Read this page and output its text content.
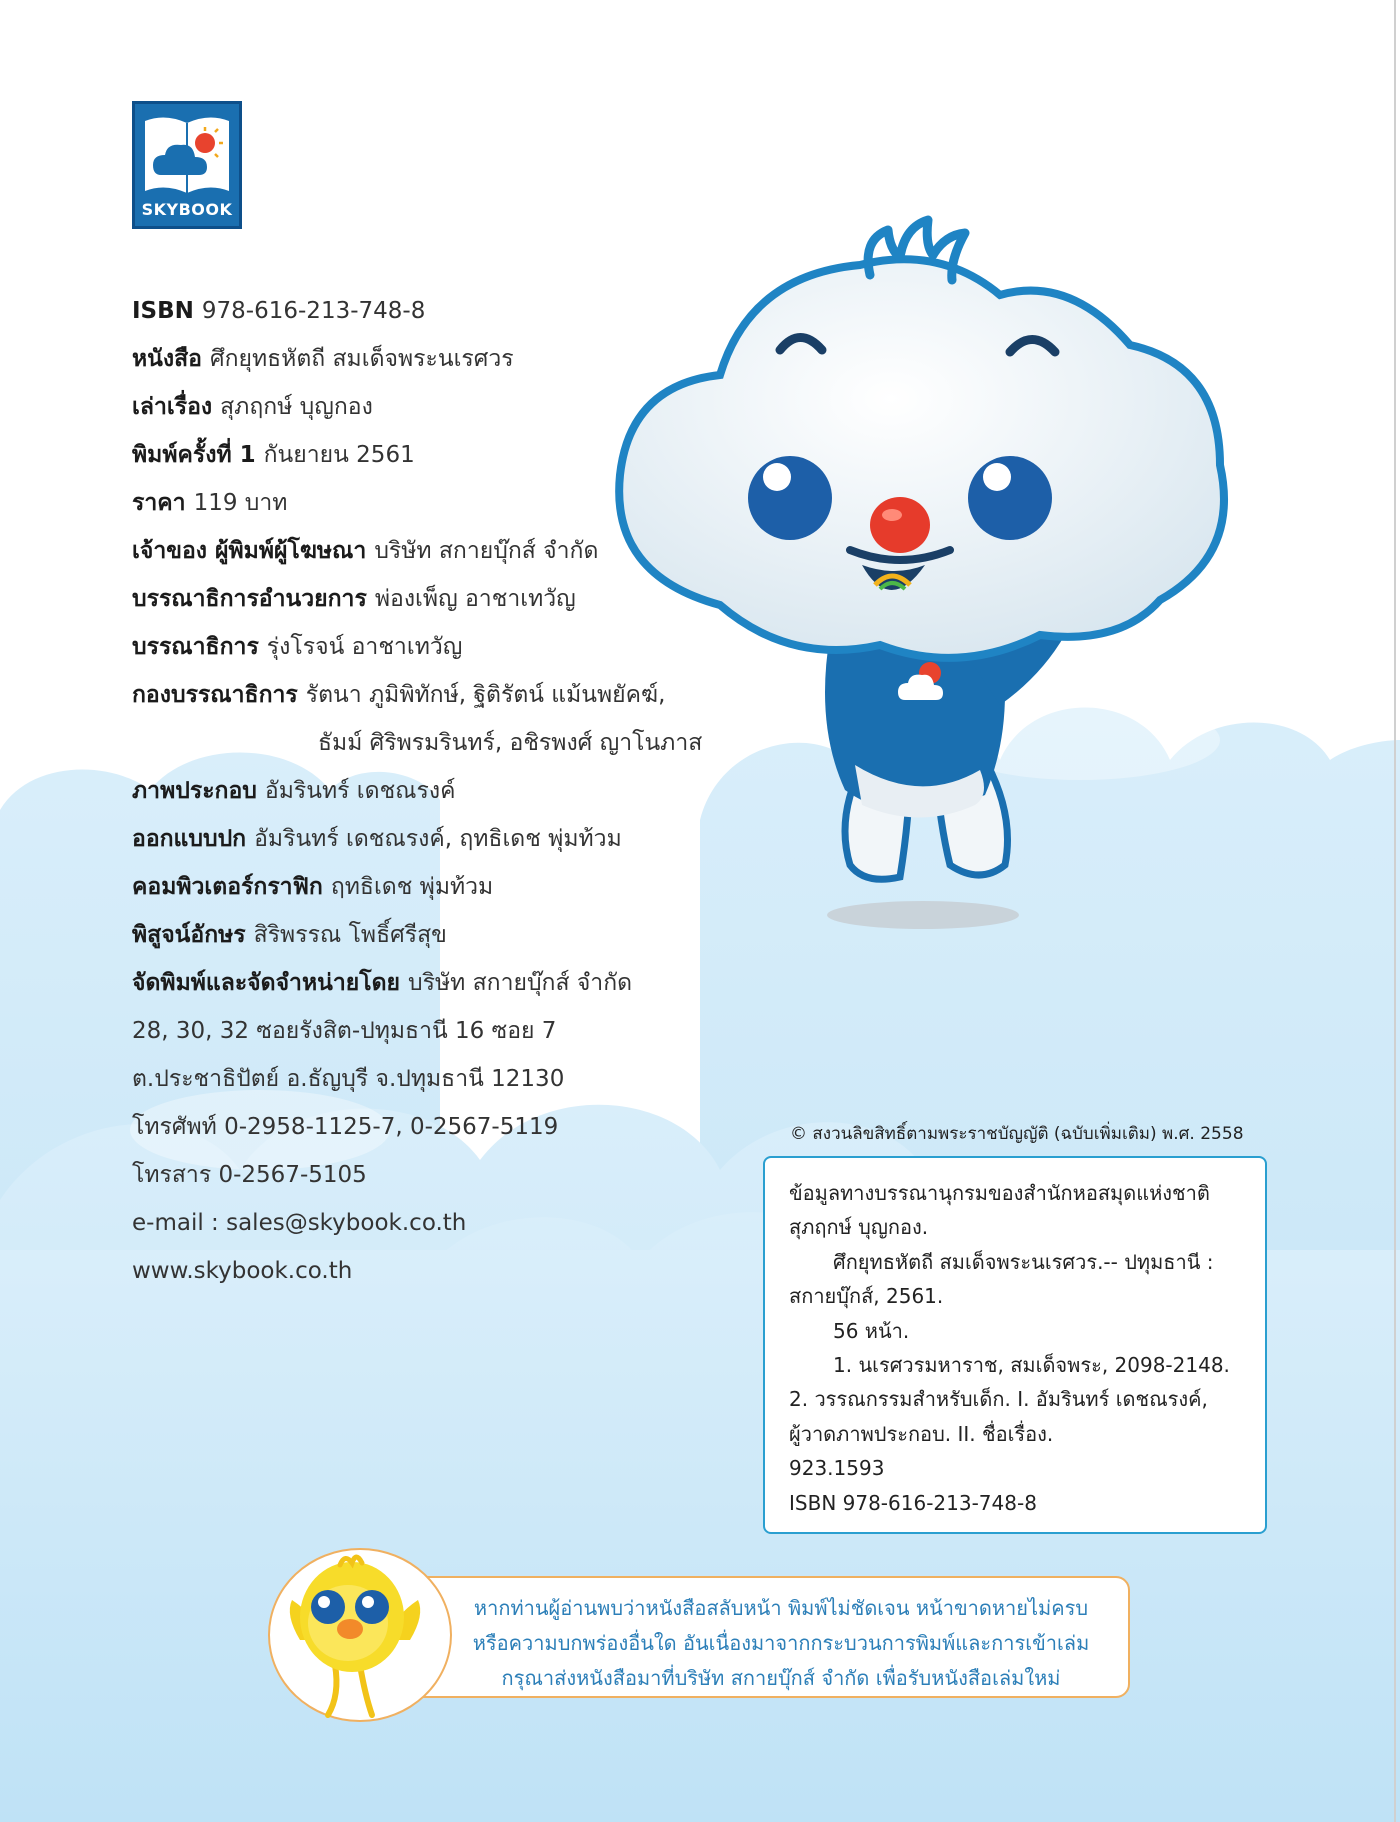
SKYBOOK
ISBN 978-616-213-748-8
หนังสือ ศึกยุทธหัตถี สมเด็จพระนเรศวร
เล่าเรื่อง สุภฤกษ์ บุญกอง
พิมพ์ครั้งที่ 1 กันยายน 2561
ราคา 119 บาท
เจ้าของ ผู้พิมพ์ผู้โฆษณา บริษัท สกายบุ๊กส์ จำกัด
บรรณาธิการอำนวยการ พ่องเพ็ญ อาชาเทวัญ
บรรณาธิการ รุ่งโรจน์ อาชาเทวัญ
กองบรรณาธิการ รัตนา ภูมิพิทักษ์, ฐิติรัตน์ แม้นพยัคฆ์,
ธัมม์ ศิริพรมรินทร์, อชิรพงศ์ ญาโนภาส
ภาพประกอบ อัมรินทร์ เดชณรงค์
ออกแบบปก อัมรินทร์ เดชณรงค์, ฤทธิเดช พุ่มท้วม
คอมพิวเตอร์กราฟิก ฤทธิเดช พุ่มท้วม
พิสูจน์อักษร สิริพรรณ โพธิ์ศรีสุข
จัดพิมพ์และจัดจำหน่ายโดย บริษัท สกายบุ๊กส์ จำกัด
28, 30, 32 ซอยรังสิต-ปทุมธานี 16 ซอย 7
ต.ประชาธิปัตย์ อ.ธัญบุรี จ.ปทุมธานี 12130
โทรศัพท์ 0-2958-1125-7, 0-2567-5119
โทรสาร 0-2567-5105
e-mail : sales@skybook.co.th
www.skybook.co.th
© สงวนลิขสิทธิ์ตามพระราชบัญญัติ (ฉบับเพิ่มเติม) พ.ศ. 2558
ข้อมูลทางบรรณานุกรมของสำนักหอสมุดแห่งชาติ
สุภฤกษ์ บุญกอง.
ศึกยุทธหัตถี สมเด็จพระนเรศวร.-- ปทุมธานี :
สกายบุ๊กส์, 2561.
56 หน้า.
1. นเรศวรมหาราช, สมเด็จพระ, 2098-2148.
2. วรรณกรรมสำหรับเด็ก. I. อัมรินทร์ เดชณรงค์,
ผู้วาดภาพประกอบ. II. ชื่อเรื่อง.
923.1593
ISBN 978-616-213-748-8
หากท่านผู้อ่านพบว่าหนังสือสลับหน้า พิมพ์ไม่ชัดเจน หน้าขาดหายไม่ครบ
หรือความบกพร่องอื่นใด อันเนื่องมาจากกระบวนการพิมพ์และการเข้าเล่ม
กรุณาส่งหนังสือมาที่บริษัท สกายบุ๊กส์ จำกัด เพื่อรับหนังสือเล่มใหม่
